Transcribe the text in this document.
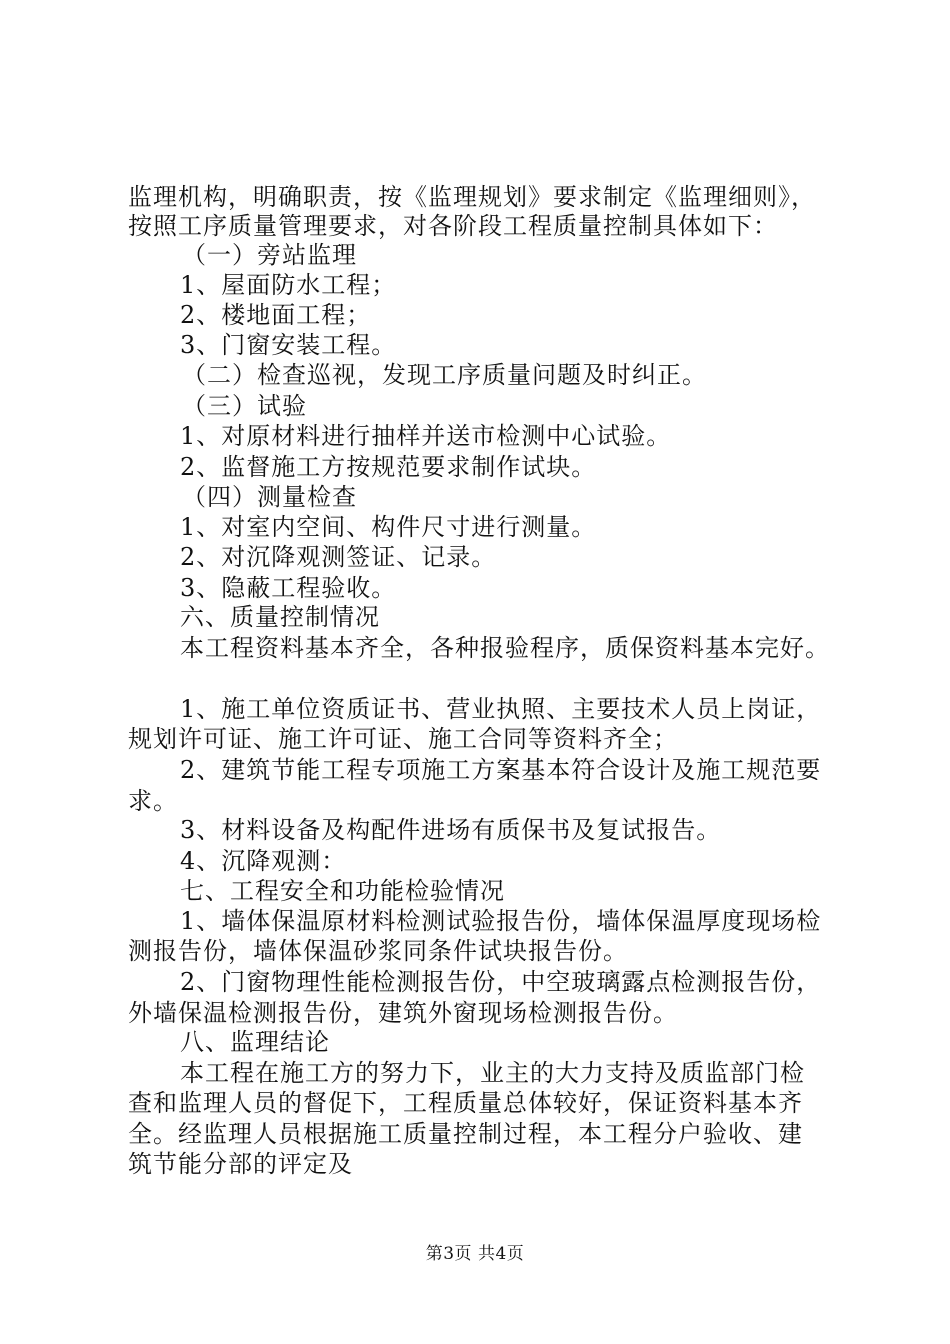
监理机构，明确职责，按《监理规划》要求制定《监理细则》，
按照工序质量管理要求，对各阶段工程质量控制具体如下：
（一）旁站监理
1、屋面防水工程；
2、楼地面工程；
3、门窗安装工程。
（二）检查巡视，发现工序质量问题及时纠正。
（三）试验
1、对原材料进行抽样并送市检测中心试验。
2、监督施工方按规范要求制作试块。
（四）测量检查
1、对室内空间、构件尺寸进行测量。
2、对沉降观测签证、记录。
3、隐蔽工程验收。
六、质量控制情况
本工程资料基本齐全，各种报验程序，质保资料基本完好。
1、施工单位资质证书、营业执照、主要技术人员上岗证，
规划许可证、施工许可证、施工合同等资料齐全；
2、建筑节能工程专项施工方案基本符合设计及施工规范要
求。
3、材料设备及构配件进场有质保书及复试报告。
4、沉降观测：
七、工程安全和功能检验情况
1、墙体保温原材料检测试验报告份，墙体保温厚度现场检
测报告份，墙体保温砂浆同条件试块报告份。
2、门窗物理性能检测报告份，中空玻璃露点检测报告份，
外墙保温检测报告份，建筑外窗现场检测报告份。
八、监理结论
本工程在施工方的努力下，业主的大力支持及质监部门检
查和监理人员的督促下，工程质量总体较好，保证资料基本齐
全。经监理人员根据施工质量控制过程，本工程分户验收、建
筑节能分部的评定及
第3页 共4页
